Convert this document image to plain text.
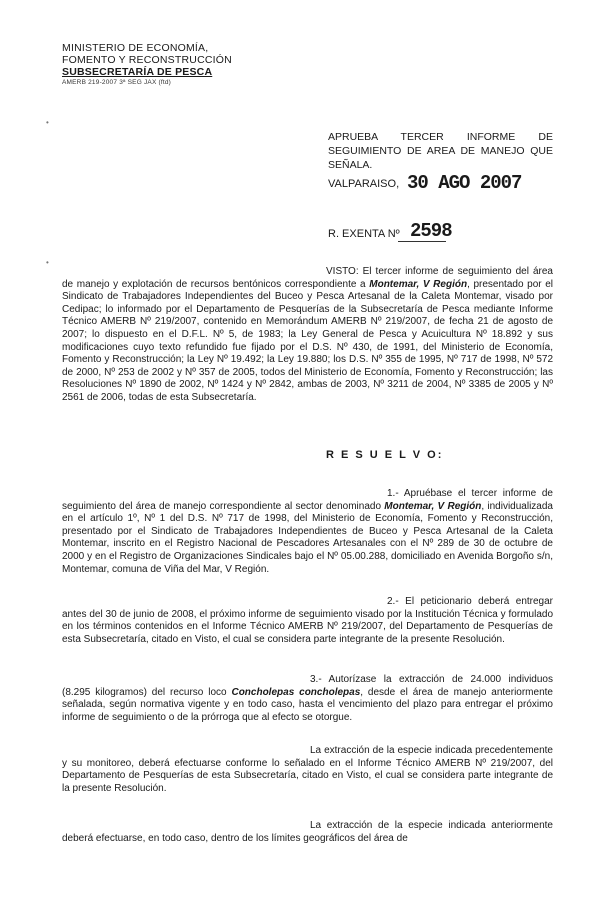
MINISTERIO DE ECONOMÍA,
FOMENTO Y RECONSTRUCCIÓN
SUBSECRETARÍA DE PESCA
AMERB 219-2007 3ª SEG JAX (ftd)
•
•
APRUEBA TERCER INFORME DE SEGUIMIENTO DE AREA DE MANEJO QUE SEÑALA.
VALPARAISO, 30 AGO 2007
R. EXENTA Nº 2598

VISTO: El tercer informe de seguimiento del área de manejo y explotación de recursos bentónicos correspondiente a Montemar, V Región, presentado por el Sindicato de Trabajadores Independientes del Buceo y Pesca Artesanal de la Caleta Montemar, visado por Cedipac; lo informado por el Departamento de Pesquerías de la Subsecretaría de Pesca mediante Informe Técnico AMERB Nº 219/2007, contenido en Memorándum AMERB Nº 219/2007, de fecha 21 de agosto de 2007; lo dispuesto en el D.F.L. Nº 5, de 1983; la Ley General de Pesca y Acuicultura Nº 18.892 y sus modificaciones cuyo texto refundido fue fijado por el D.S. Nº 430, de 1991, del Ministerio de Economía, Fomento y Reconstrucción; la Ley Nº 19.492; la Ley 19.880; los D.S. Nº 355 de 1995, Nº 717 de 1998, Nº 572 de 2000, Nº 253 de 2002 y Nº 357 de 2005, todos del Ministerio de Economía, Fomento y Reconstrucción; las Resoluciones Nº 1890 de 2002, Nº 1424 y Nº 2842, ambas de 2003, Nº 3211 de 2004, Nº 3385 de 2005 y Nº 2561 de 2006, todas de esta Subsecretaría.

R E S U E L V O:

1.- Apruébase el tercer informe de seguimiento del área de manejo correspondiente al sector denominado Montemar, V Región, individualizada en el artículo 1º, Nº 1 del D.S. Nº 717 de 1998, del Ministerio de Economía, Fomento y Reconstrucción, presentado por el Sindicato de Trabajadores Independientes de Buceo y Pesca Artesanal de la Caleta Montemar, inscrito en el Registro Nacional de Pescadores Artesanales con el Nº 289 de 30 de octubre de 2000 y en el Registro de Organizaciones Sindicales bajo el Nº 05.00.288, domiciliado en Avenida Borgoño s/n, Montemar, comuna de Viña del Mar, V Región.

2.- El peticionario deberá entregar antes del 30 de junio de 2008, el próximo informe de seguimiento visado por la Institución Técnica y formulado en los términos contenidos en el Informe Técnico AMERB Nº 219/2007, del Departamento de Pesquerías de esta Subsecretaría, citado en Visto, el cual se considera parte integrante de la presente Resolución.

3.- Autorízase la extracción de 24.000 individuos (8.295 kilogramos) del recurso loco Concholepas concholepas, desde el área de manejo anteriormente señalada, según normativa vigente y en todo caso, hasta el vencimiento del plazo para entregar el próximo informe de seguimiento o de la prórroga que al efecto se otorgue.

La extracción de la especie indicada precedentemente y su monitoreo, deberá efectuarse conforme lo señalado en el Informe Técnico AMERB Nº 219/2007, del Departamento de Pesquerías de esta Subsecretaría, citado en Visto, el cual se considera parte integrante de la presente Resolución.

La extracción de la especie indicada anteriormente deberá efectuarse, en todo caso, dentro de los límites geográficos del área de
